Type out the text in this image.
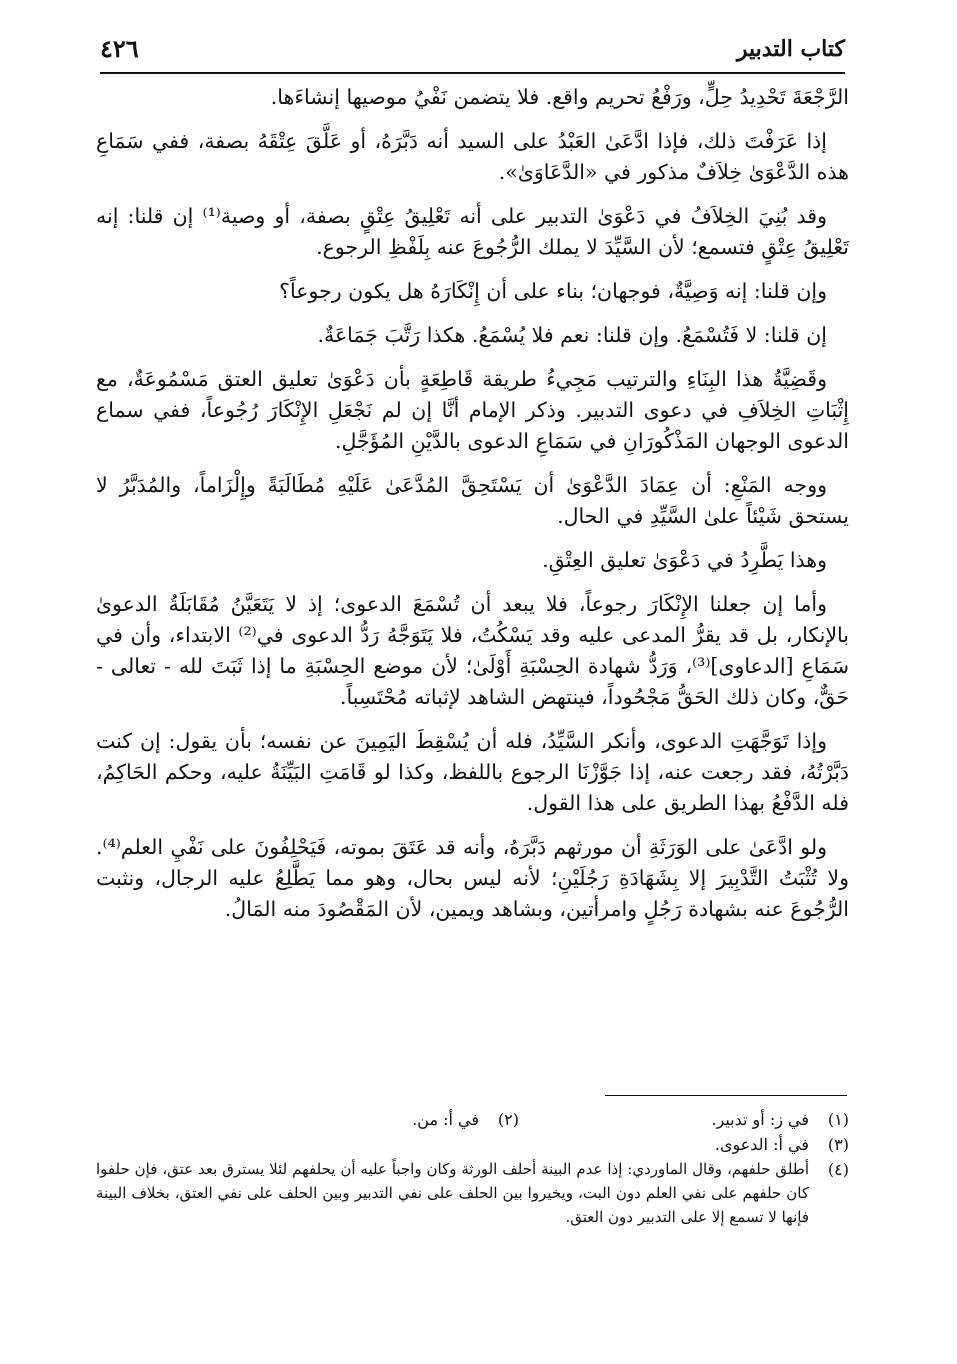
كتاب التدبير
٤٢٦

الرَّجْعَةَ تَحْدِيدُ حِلٍّ، ورَفْعُ تحريم واقع. فلا يتضمن نَفْيُ موصيها إنشاءَها.

إذا عَرَفْتَ ذلك، فإذا ادَّعَىٰ العَبْدُ على السيد أنه دَبَّرَهُ، أو عَلَّقَ عِتْقَهُ بصفة، ففي سَمَاعِ هذه الدَّعْوَىٰ خِلاَفٌ مذكور في «الدَّعَاوَىٰ».

وقد بُنِيَ الخِلاَفُ في دَعْوَىٰ التدبير على أنه تَعْلِيقُ عِتْقٍ بصفة، أو وصية⁽¹⁾ إن قلنا: إنه تَعْلِيقُ عِتْقٍ فتسمع؛ لأن السَّيِّدَ لا يملك الرُّجُوعَ عنه بِلَفْظِ الرجوع.

وإن قلنا: إنه وَصِيَّةٌ، فوجهان؛ بناء على أن إِنْكَارَهُ هل يكون رجوعاً؟

إن قلنا: لا فَتُسْمَعُ. وإن قلنا: نعم فلا يُسْمَعُ. هكذا رَتَّبَ جَمَاعَةٌ.

وقَضِيَّةُ هذا البِنَاءِ والترتيب مَجِيءُ طريقة قَاطِعَةٍ بأن دَعْوَىٰ تعليق العتق مَسْمُوعَةٌ، مع إِثْبَاتِ الخِلاَفِ في دعوى التدبير. وذكر الإمام أنَّا إن لم نَجْعَلِ الإِنْكَارَ رُجُوعاً، ففي سماع الدعوى الوجهان المَذْكُورَانِ في سَمَاعِ الدعوى بالدَّيْنِ المُؤَجَّلِ.

ووجه المَنْعِ: أن عِمَادَ الدَّعْوَىٰ أن يَسْتَحِقَّ المُدَّعَىٰ عَلَيْهِ مُطَالَبَةً وإِلْزَاماً، والمُدَبَّرُ لا يستحق شَيْئاً علىٰ السَّيِّدِ في الحال.

وهذا يَطَّرِدُ في دَعْوَىٰ تعليق العِتْقِ.

وأما إن جعلنا الإِنْكَارَ رجوعاً، فلا يبعد أن تُسْمَعَ الدعوى؛ إذ لا يَتَعَيَّنُ مُقَابَلَةُ الدعوىٰ بالإنكار، بل قد يقرُّ المدعى عليه وقد يَسْكُتُ، فلا يَتَوَجَّهُ رَدُّ الدعوى في⁽²⁾ الابتداء، وأن في سَمَاعِ [الدعاوى]⁽³⁾، وَرَدُّ شهادة الحِسْبَةِ أَوْلَىٰ؛ لأن موضع الحِسْبَةِ ما إذا ثَبَتَ لله - تعالى - حَقٌّ، وكان ذلك الحَقُّ مَجْحُوداً، فينتهض الشاهد لإثباته مُحْتَسِباً.

وإذا تَوَجَّهَتِ الدعوى، وأنكر السَّيِّدُ، فله أن يُسْقِطَ اليَمِينَ عن نفسه؛ بأن يقول: إن كنت دَبَّرْتُهُ، فقد رجعت عنه، إذا جَوَّزْنَا الرجوع باللفظ، وكذا لو قَامَتِ البَيِّنَةُ عليه، وحكم الحَاكِمُ، فله الدَّفْعُ بهذا الطريق على هذا القول.

ولو ادَّعَىٰ على الوَرَثَةِ أن مورثهم دَبَّرَهُ، وأنه قد عَتَقَ بموته، فَيَحْلِفُونَ على نَفْيِ العلم⁽⁴⁾. ولا تُثْبَتُ التَّدْبِيرَ إلا بِشَهَادَةِ رَجُلَيْنِ؛ لأنه ليس بحال، وهو مما يَطَّلِعُ عليه الرجال، ونثبت الرُّجُوعَ عنه بشهادة رَجُلٍ وامرأتين، وبشاهد ويمين، لأن المَقْصُودَ منه المَالُ.

(١)
في ز: أو تدبير.
(٢)
في أ: من.
(٣)
في أ: الدعوى.
(٤)
أطلق حلفهم، وقال الماوردي: إذا عدم البينة أحلف الورثة وكان واجباً عليه أن يحلفهم لئلا يسترق بعد عتق، فإن حلفوا كان حلفهم على نفي العلم دون البت، ويخيروا بين الحلف على نفي التدبير وبين الحلف على نفي العتق، بخلاف البينة فإنها لا تسمع إلا على التدبير دون العتق.
